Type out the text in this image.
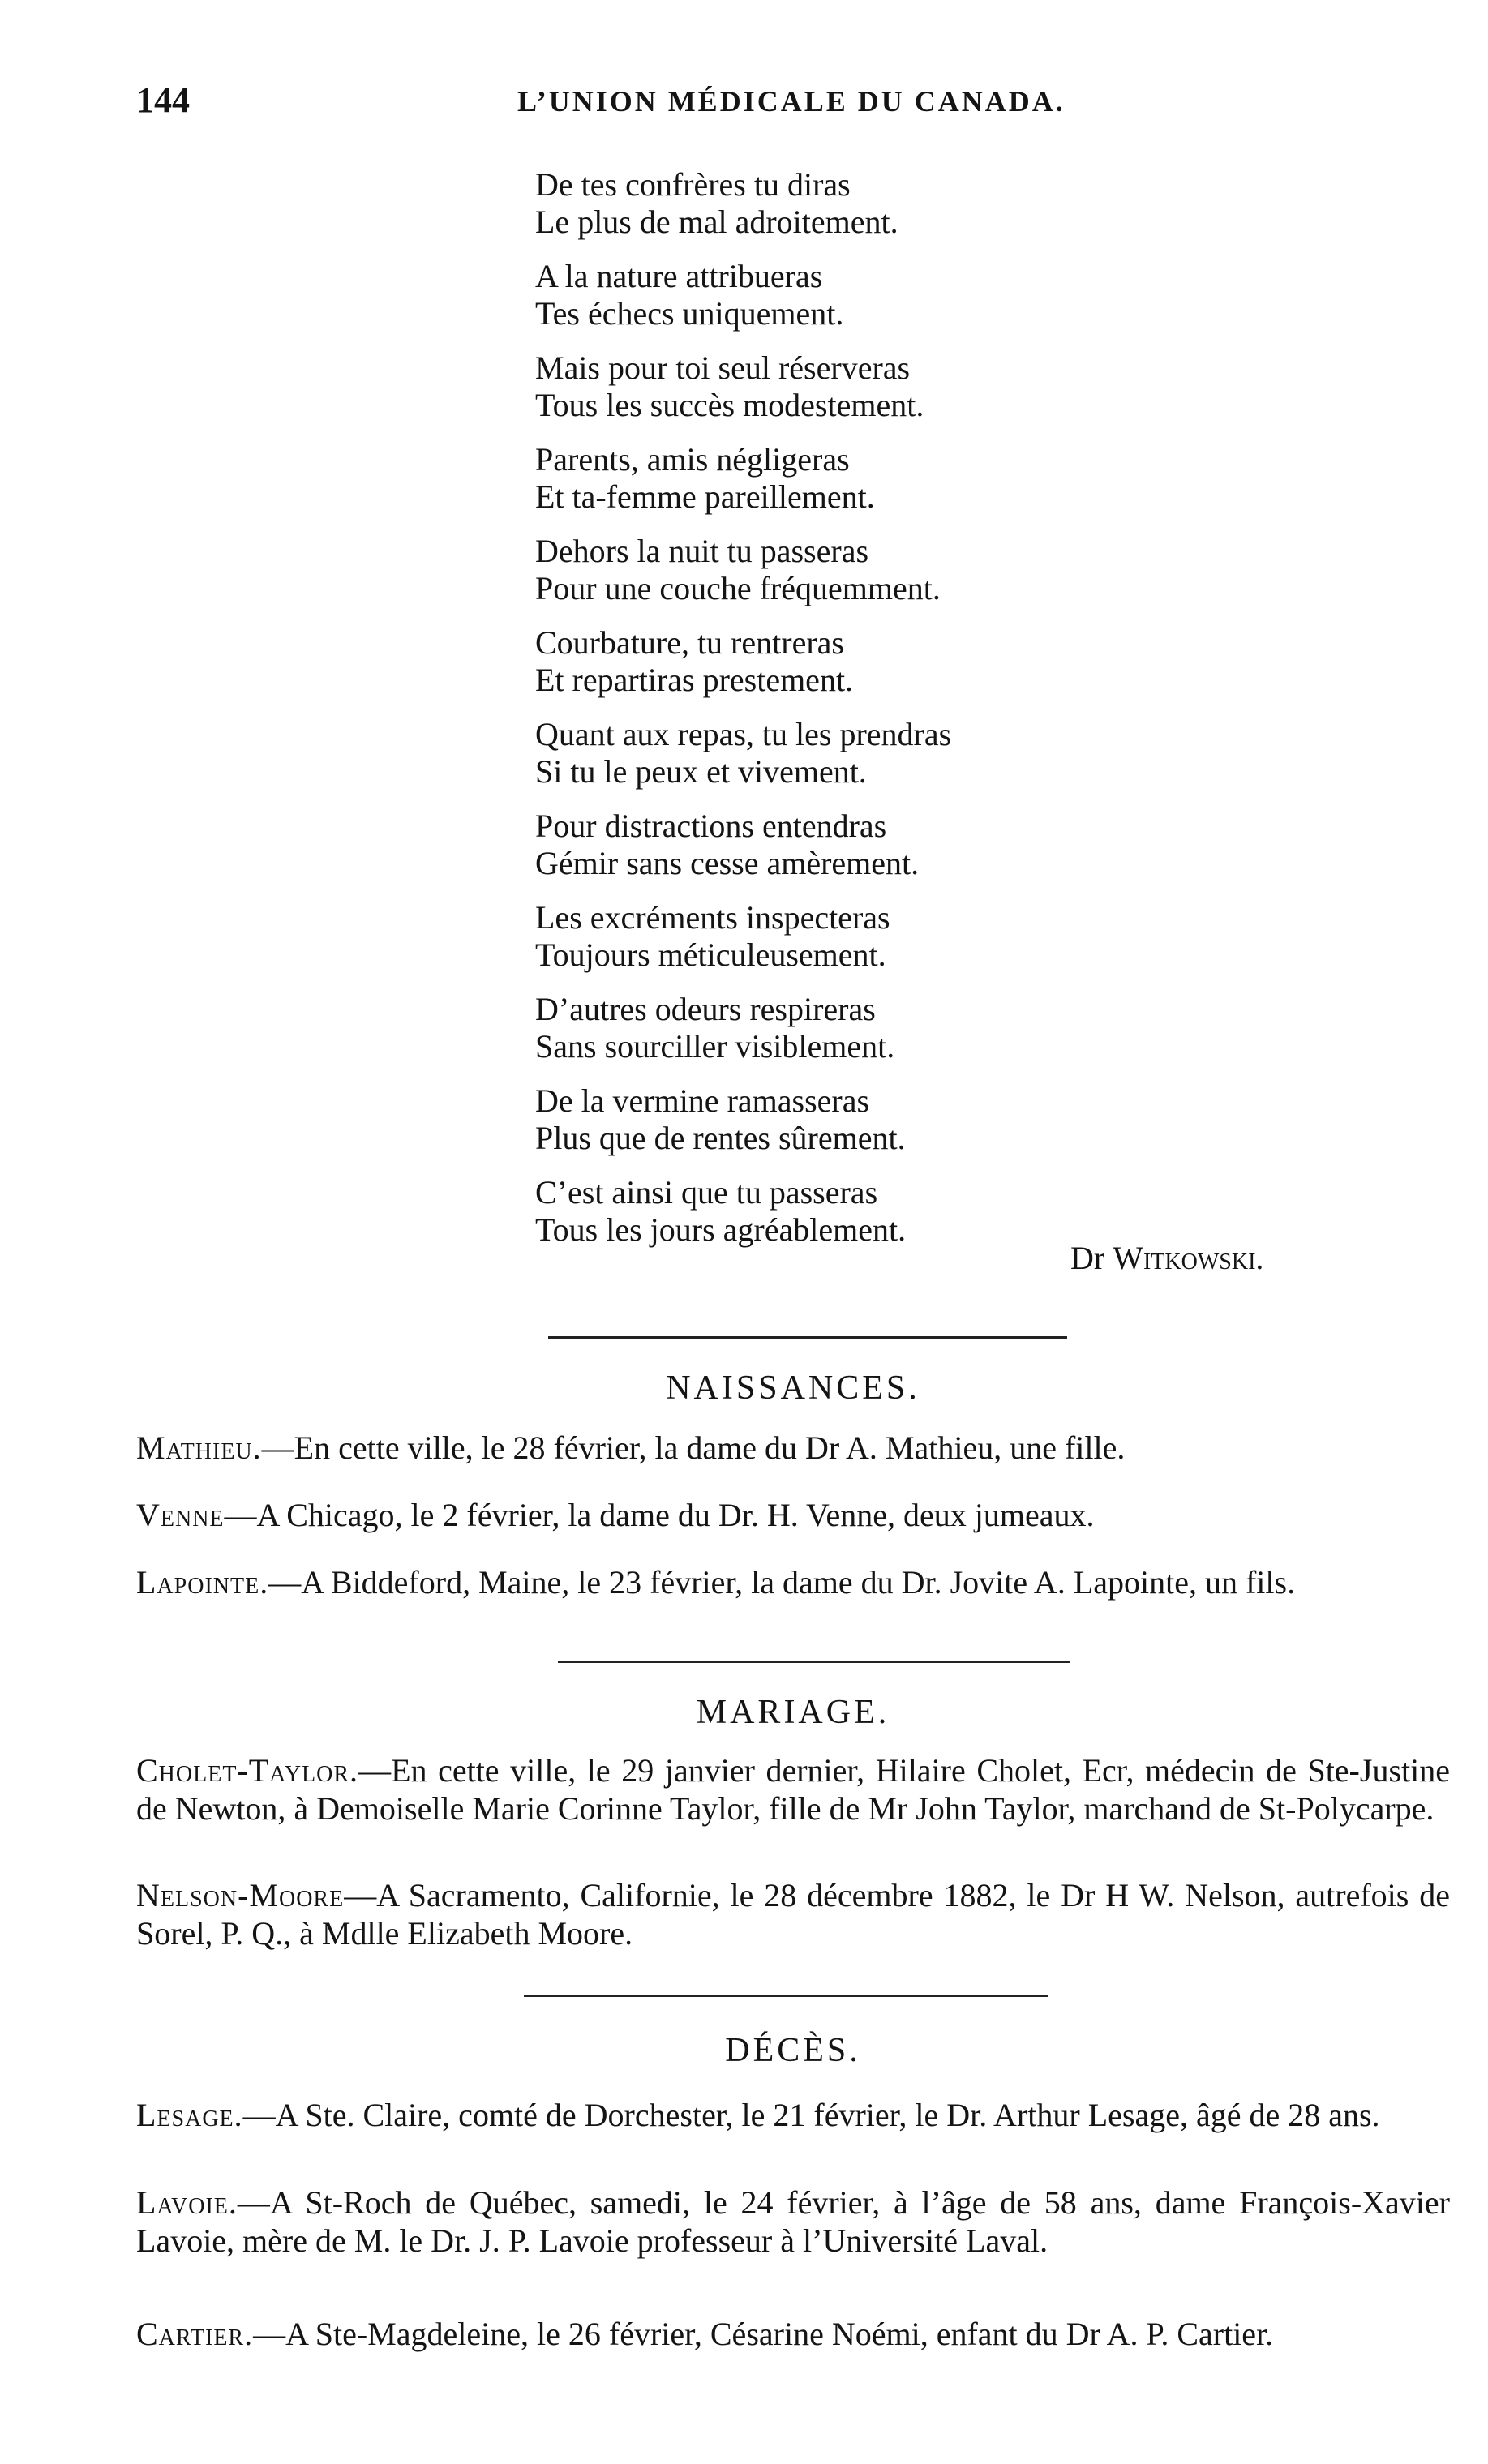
144	L’UNION MÉDICALE DU CANADA.
De tes confrères tu diras
Le plus de mal adroitement.
A la nature attribueras
Tes échecs uniquement.
Mais pour toi seul réserveras
Tous les succès modestement.
Parents, amis négligeras
Et ta-femme pareillement.
Dehors la nuit tu passeras
Pour une couche fréquemment.
Courbature, tu rentreras
Et repartiras prestement.
Quant aux repas, tu les prendras
Si tu le peux et vivement.
Pour distractions entendras
Gémir sans cesse amèrement.
Les excréments inspecteras
Toujours méticuleusement.
D’autres odeurs respireras
Sans sourciller visiblement.
De la vermine ramasseras
Plus que de rentes sûrement.
C’est ainsi que tu passeras
Tous les jours agréablement.
Dr Witkowski.
NAISSANCES.
Mathieu.—En cette ville, le 28 février, la dame du Dr A. Mathieu, une fille.
Venne—A Chicago, le 2 février, la dame du Dr. H. Venne, deux jumeaux.
Lapointe.—A Biddeford, Maine, le 23 février, la dame du Dr. Jovite A. Lapointe, un fils.
MARIAGE.
Cholet-Taylor.—En cette ville, le 29 janvier dernier, Hilaire Cholet, Ecr, médecin de Ste-Justine de Newton, à Demoiselle Marie Corinne Taylor, fille de Mr John Taylor, marchand de St-Polycarpe.
Nelson-Moore—A Sacramento, Californie, le 28 décembre 1882, le Dr H W. Nelson, autrefois de Sorel, P. Q., à Mdlle Elizabeth Moore.
DÉCÈS.
Lesage.—A Ste. Claire, comté de Dorchester, le 21 février, le Dr. Arthur Lesage, âgé de 28 ans.
Lavoie.—A St-Roch de Québec, samedi, le 24 février, à l’âge de 58 ans, dame François-Xavier Lavoie, mère de M. le Dr. J. P. Lavoie professeur à l’Université Laval.
Cartier.—A Ste-Magdeleine, le 26 février, Césarine Noémi, enfant du Dr A. P. Cartier.
